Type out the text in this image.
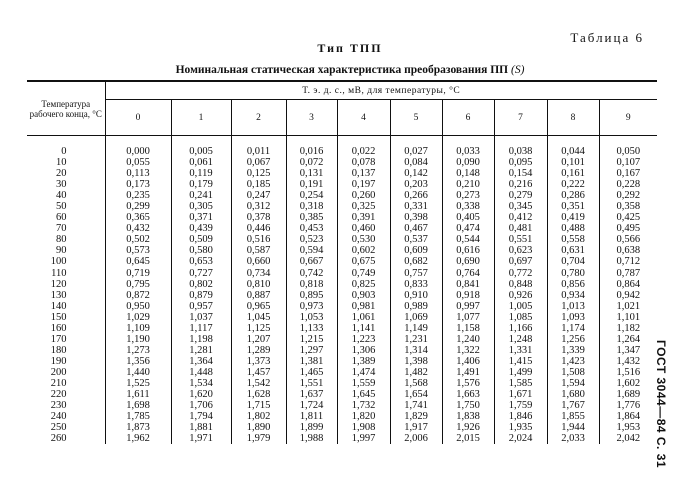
Таблица 6
Тип ТПП
Номинальная статическая характеристика преобразования ПП (S)
Температура рабочего конца, °С	Т. э. д. с., мВ, для температуры, °С									
	0	1	2	3	4	5	6	7	8	9
0	0,000	0,005	0,011	0,016	0,022	0,027	0,033	0,038	0,044	0,050
10	0,055	0,061	0,067	0,072	0,078	0,084	0,090	0,095	0,101	0,107
20	0,113	0,119	0,125	0,131	0,137	0,142	0,148	0,154	0,161	0,167
30	0,173	0,179	0,185	0,191	0,197	0,203	0,210	0,216	0,222	0,228
40	0,235	0,241	0,247	0,254	0,260	0,266	0,273	0,279	0,286	0,292
50	0,299	0,305	0,312	0,318	0,325	0,331	0,338	0,345	0,351	0,358
60	0,365	0,371	0,378	0,385	0,391	0,398	0,405	0,412	0,419	0,425
70	0,432	0,439	0,446	0,453	0,460	0,467	0,474	0,481	0,488	0,495
80	0,502	0,509	0,516	0,523	0,530	0,537	0,544	0,551	0,558	0,566
90	0,573	0,580	0,587	0,594	0,602	0,609	0,616	0,623	0,631	0,638
100	0,645	0,653	0,660	0,667	0,675	0,682	0,690	0,697	0,704	0,712
110	0,719	0,727	0,734	0,742	0,749	0,757	0,764	0,772	0,780	0,787
120	0,795	0,802	0,810	0,818	0,825	0,833	0,841	0,848	0,856	0,864
130	0,872	0,879	0,887	0,895	0,903	0,910	0,918	0,926	0,934	0,942
140	0,950	0,957	0,965	0,973	0,981	0,989	0,997	1,005	1,013	1,021
150	1,029	1,037	1,045	1,053	1,061	1,069	1,077	1,085	1,093	1,101
160	1,109	1,117	1,125	1,133	1,141	1,149	1,158	1,166	1,174	1,182
170	1,190	1,198	1,207	1,215	1,223	1,231	1,240	1,248	1,256	1,264
180	1,273	1,281	1,289	1,297	1,306	1,314	1,322	1,331	1,339	1,347
190	1,356	1,364	1,373	1,381	1,389	1,398	1,406	1,415	1,423	1,432
200	1,440	1,448	1,457	1,465	1,474	1,482	1,491	1,499	1,508	1,516
210	1,525	1,534	1,542	1,551	1,559	1,568	1,576	1,585	1,594	1,602
220	1,611	1,620	1,628	1,637	1,645	1,654	1,663	1,671	1,680	1,689
230	1,698	1,706	1,715	1,724	1,732	1,741	1,750	1,759	1,767	1,776
240	1,785	1,794	1,802	1,811	1,820	1,829	1,838	1,846	1,855	1,864
250	1,873	1,881	1,890	1,899	1,908	1,917	1,926	1,935	1,944	1,953
260	1,962	1,971	1,979	1,988	1,997	2,006	2,015	2,024	2,033	2,042 ГОСТ 3044—84 С. 31
